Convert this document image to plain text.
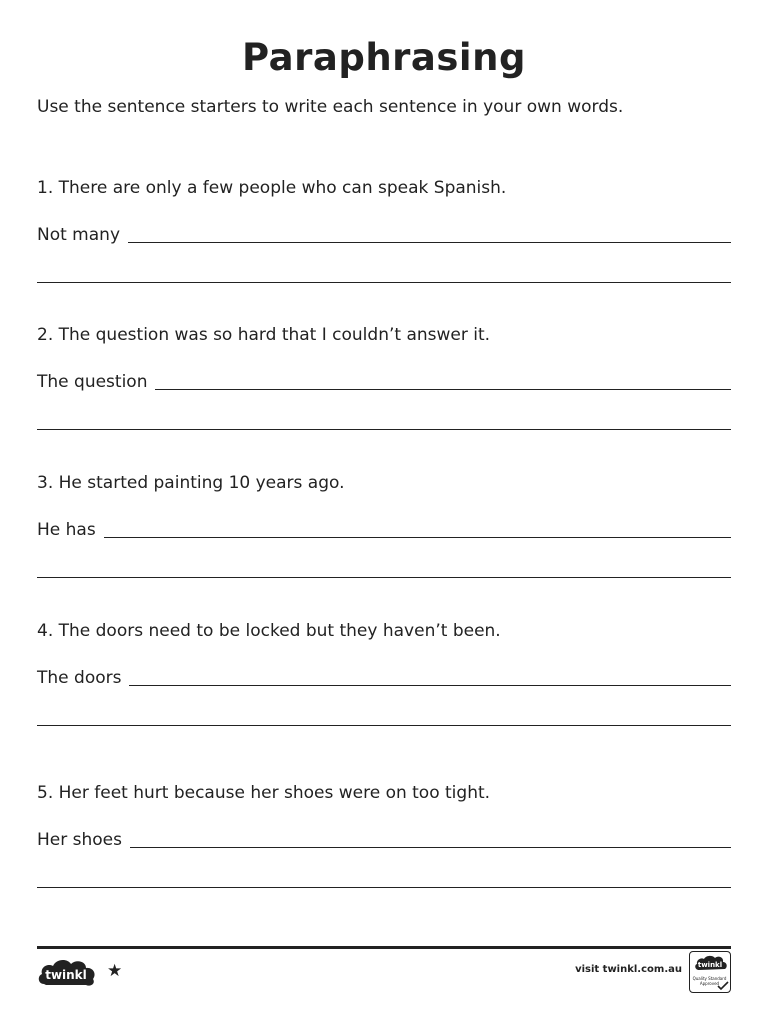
Paraphrasing
Use the sentence starters to write each sentence in your own words.
1. There are only a few people who can speak Spanish.
Not many
2. The question was so hard that I couldn’t answer it.
The question
3. He started painting 10 years ago.
He has
4. The doors need to be locked but they haven’t been.
The doors
5. Her feet hurt because her shoes were on too tight.
Her shoes
twinkl ★	visit twinkl.com.au twinkl
Quality Standard Approved
